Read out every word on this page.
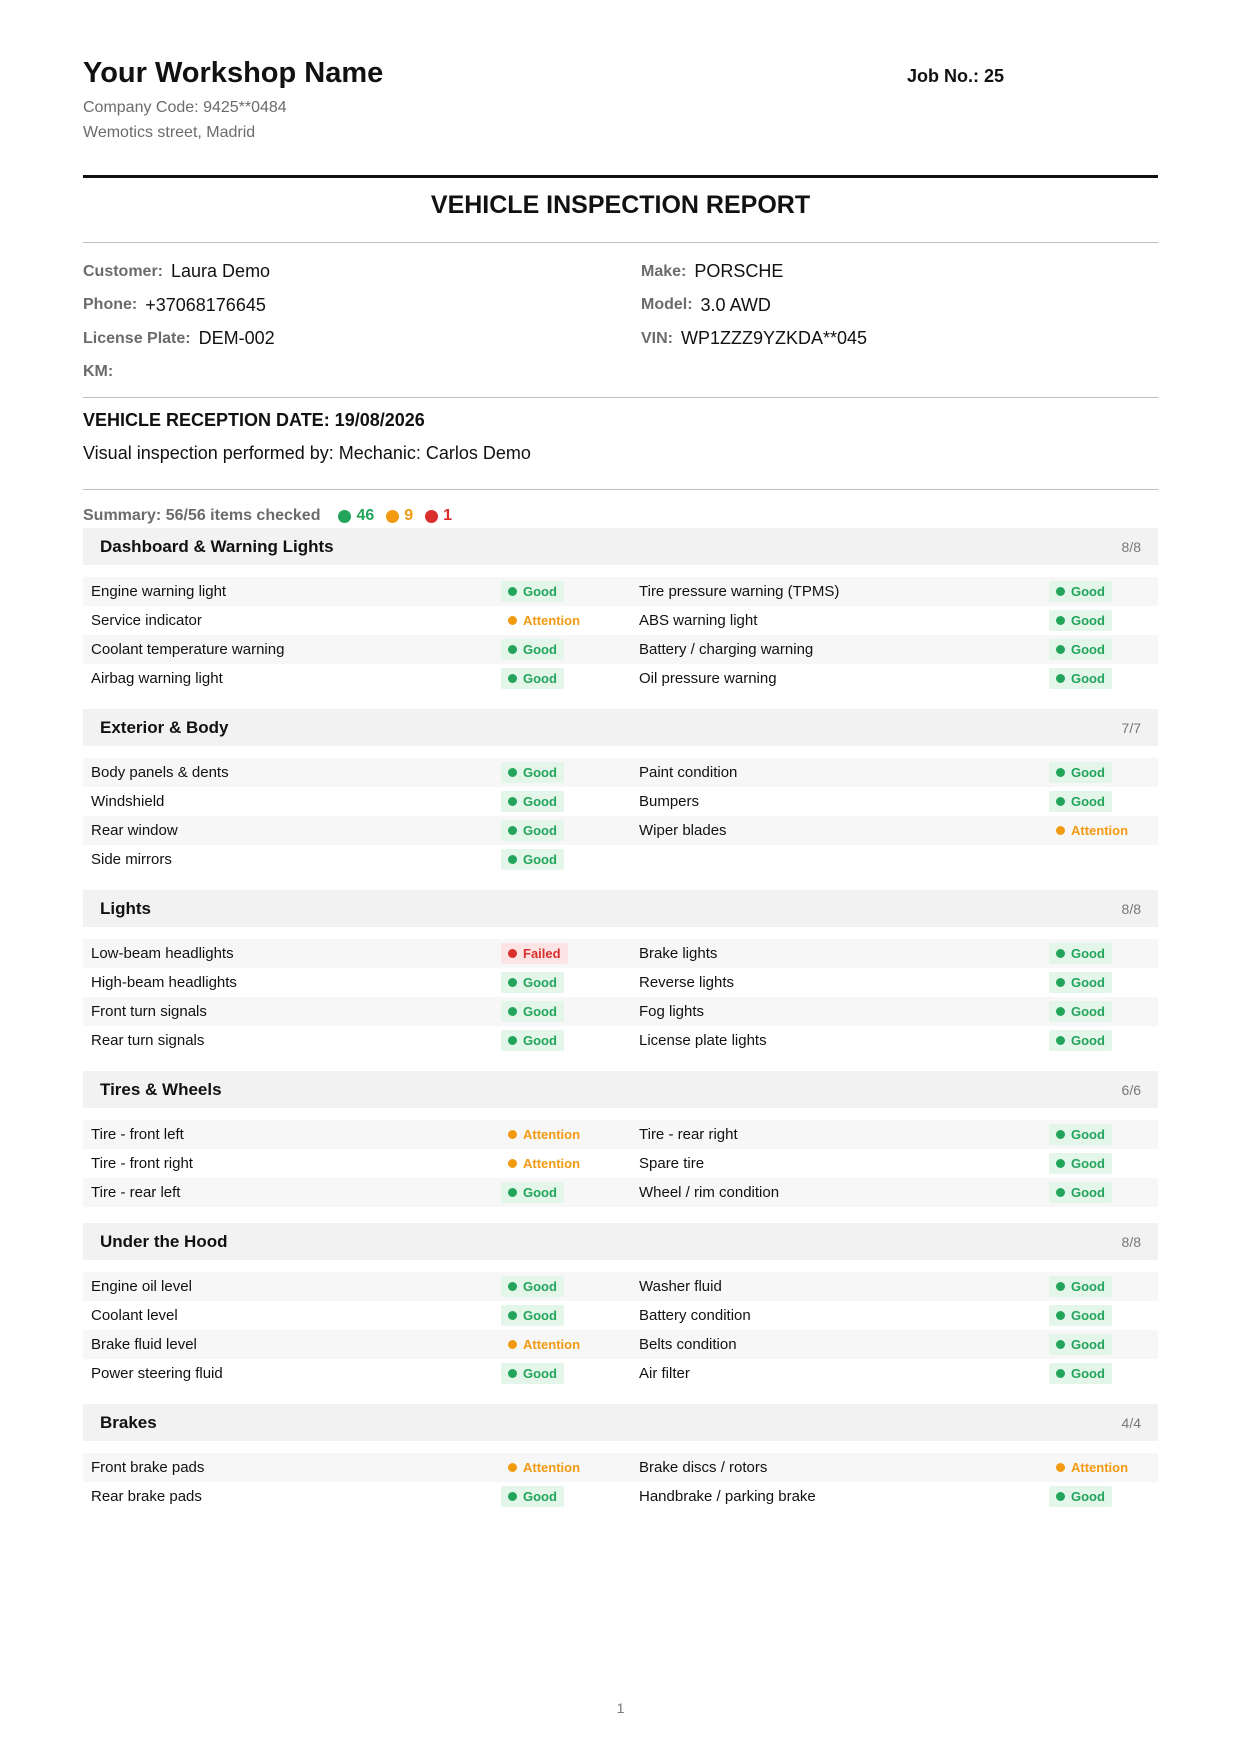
Your Workshop Name
Company Code: 9425**0484
Wemotics street, Madrid
Job No.: 25
VEHICLE INSPECTION REPORT
Customer: Laura Demo
Phone: +37068176645
License Plate: DEM-002
KM:
Make: PORSCHE
Model: 3.0 AWD
VIN: WP1ZZZ9YZKDA**045
VEHICLE RECEPTION DATE: 19/08/2026
Visual inspection performed by: Mechanic: Carlos Demo
Summary: 56/56 items checked 46 9 1
Dashboard & Warning Lights	8/8
Engine warning light	Good	Tire pressure warning (TPMS)	Good
Service indicator	Attention	ABS warning light	Good
Coolant temperature warning	Good	Battery / charging warning	Good
Airbag warning light	Good	Oil pressure warning	Good
Exterior & Body	7/7
Body panels & dents	Good	Paint condition	Good
Windshield	Good	Bumpers	Good
Rear window	Good	Wiper blades	Attention
Side mirrors	Good
Lights	8/8
Low-beam headlights	Failed	Brake lights	Good
High-beam headlights	Good	Reverse lights	Good
Front turn signals	Good	Fog lights	Good
Rear turn signals	Good	License plate lights	Good
Tires & Wheels	6/6
Tire - front left	Attention	Tire - rear right	Good
Tire - front right	Attention	Spare tire	Good
Tire - rear left	Good	Wheel / rim condition	Good
Under the Hood	8/8
Engine oil level	Good	Washer fluid	Good
Coolant level	Good	Battery condition	Good
Brake fluid level	Attention	Belts condition	Good
Power steering fluid	Good	Air filter	Good
Brakes	4/4
Front brake pads	Attention	Brake discs / rotors	Attention
Rear brake pads	Good	Handbrake / parking brake	Good
1
